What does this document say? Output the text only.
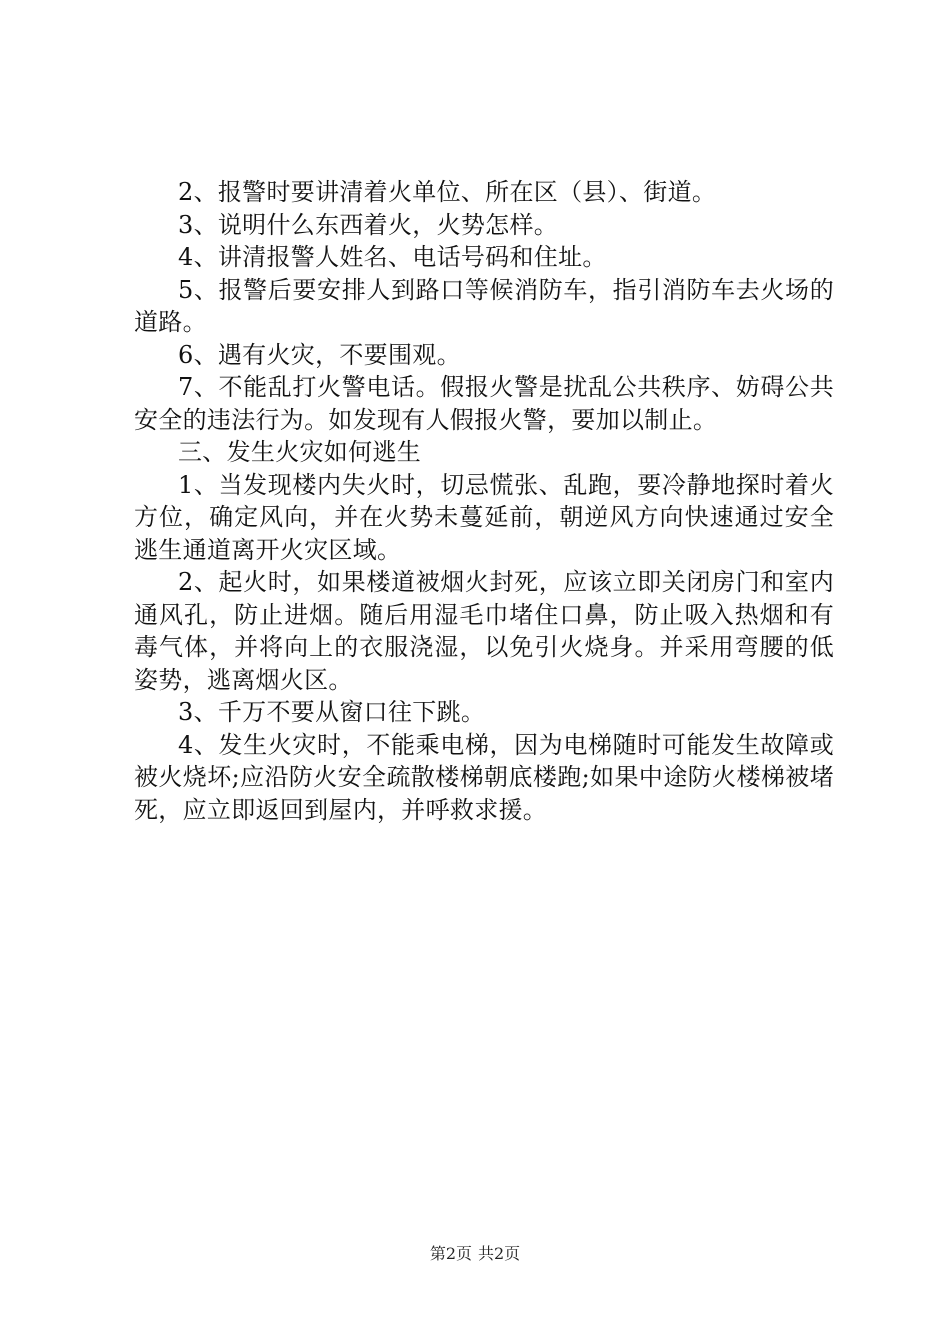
2、报警时要讲清着火单位、所在区（县）、街道。

3、说明什么东西着火，火势怎样。

4、讲清报警人姓名、电话号码和住址。

5、报警后要安排人到路口等候消防车，指引消防车去火场的道路。

6、遇有火灾，不要围观。

7、不能乱打火警电话。假报火警是扰乱公共秩序、妨碍公共安全的违法行为。如发现有人假报火警，要加以制止。

三、发生火灾如何逃生

1、当发现楼内失火时，切忌慌张、乱跑，要冷静地探时着火方位，确定风向，并在火势未蔓延前，朝逆风方向快速通过安全逃生通道离开火灾区域。

2、起火时，如果楼道被烟火封死，应该立即关闭房门和室内通风孔，防止进烟。随后用湿毛巾堵住口鼻，防止吸入热烟和有毒气体，并将向上的衣服浇湿，以免引火烧身。并采用弯腰的低姿势，逃离烟火区。

3、千万不要从窗口往下跳。

4、发生火灾时，不能乘电梯，因为电梯随时可能发生故障或被火烧坏;应沿防火安全疏散楼梯朝底楼跑;如果中途防火楼梯被堵死，应立即返回到屋内，并呼救求援。

第2页 共2页
